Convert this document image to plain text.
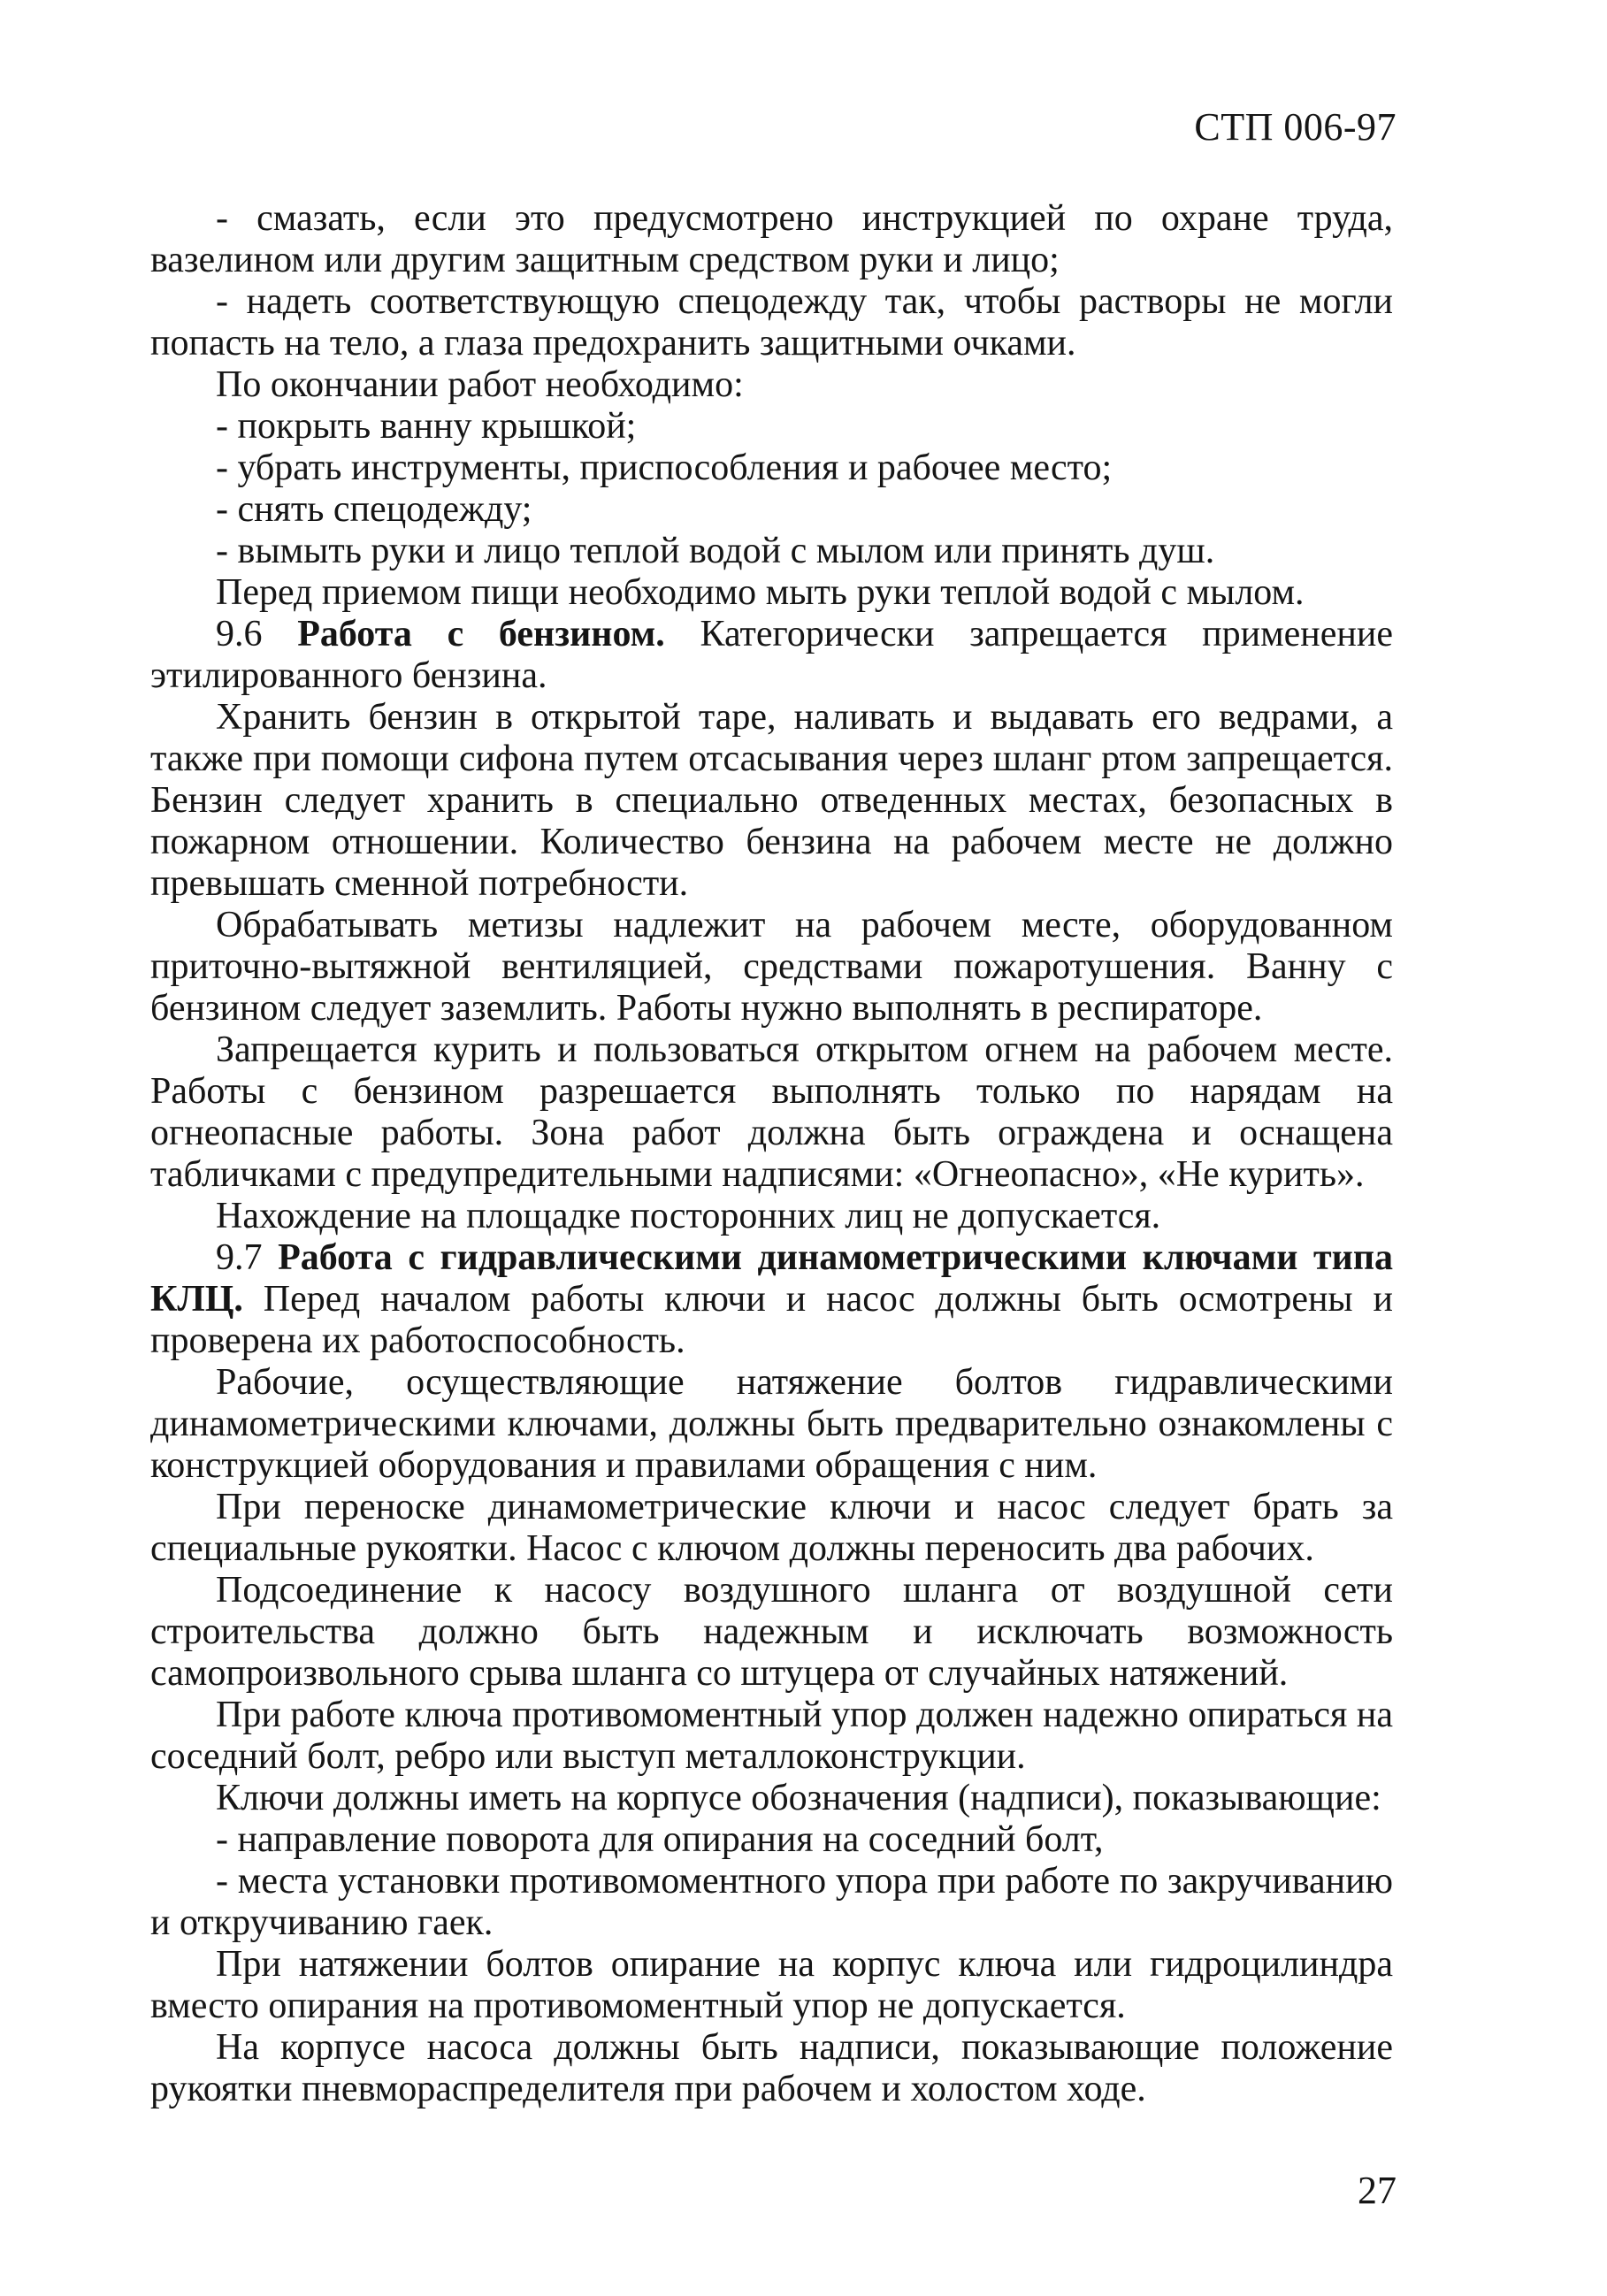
СТП 006-97

- смазать, если это предусмотрено инструкцией по охране труда, вазелином или другим защитным средством руки и лицо;

- надеть соответствующую спецодежду так, чтобы растворы не могли попасть на тело, а глаза предохранить защитными очками.

По окончании работ необходимо:

- покрыть ванну крышкой;

- убрать инструменты, приспособления и рабочее место;

- снять спецодежду;

- вымыть руки и лицо теплой водой с мылом или принять душ.

Перед приемом пищи необходимо мыть руки теплой водой с мылом.

9.6 Работа с бензином. Категорически запрещается применение этилированного бензина.

Хранить бензин в открытой таре, наливать и выдавать его ведрами, а также при помощи сифона путем отсасывания через шланг ртом запрещается. Бензин следует хранить в специально отведенных местах, безопасных в пожарном отношении. Количество бензина на рабочем месте не должно превышать сменной потребности.

Обрабатывать метизы надлежит на рабочем месте, оборудованном приточно-вытяжной вентиляцией, средствами пожаротушения. Ванну с бензином следует заземлить. Работы нужно выполнять в респираторе.

Запрещается курить и пользоваться открытом огнем на рабочем месте. Работы с бензином разрешается выполнять только по нарядам на огнеопасные работы. Зона работ должна быть ограждена и оснащена табличками с предупредительными надписями: «Огнеопасно», «Не курить».

Нахождение на площадке посторонних лиц не допускается.

9.7 Работа с гидравлическими динамометрическими ключами типа КЛЦ. Перед началом работы ключи и насос должны быть осмотрены и проверена их работоспособность.

Рабочие, осуществляющие натяжение болтов гидравлическими динамометрическими ключами, должны быть предварительно ознакомлены с конструкцией оборудования и правилами обращения с ним.

При переноске динамометрические ключи и насос следует брать за специальные рукоятки. Насос с ключом должны переносить два рабочих.

Подсоединение к насосу воздушного шланга от воздушной сети строительства должно быть надежным и исключать возможность самопроизвольного срыва шланга со штуцера от случайных натяжений.

При работе ключа противомоментный упор должен надежно опираться на соседний болт, ребро или выступ металлоконструкции.

Ключи должны иметь на корпусе обозначения (надписи), показывающие:

- направление поворота для опирания на соседний болт,

- места установки противомоментного упора при работе по закручиванию и откручиванию гаек.

При натяжении болтов опирание на корпус ключа или гидроцилиндра вместо опирания на противомоментный упор не допускается.

На корпусе насоса должны быть надписи, показывающие положение рукоятки пневмораспределителя при рабочем и холостом ходе.

27
